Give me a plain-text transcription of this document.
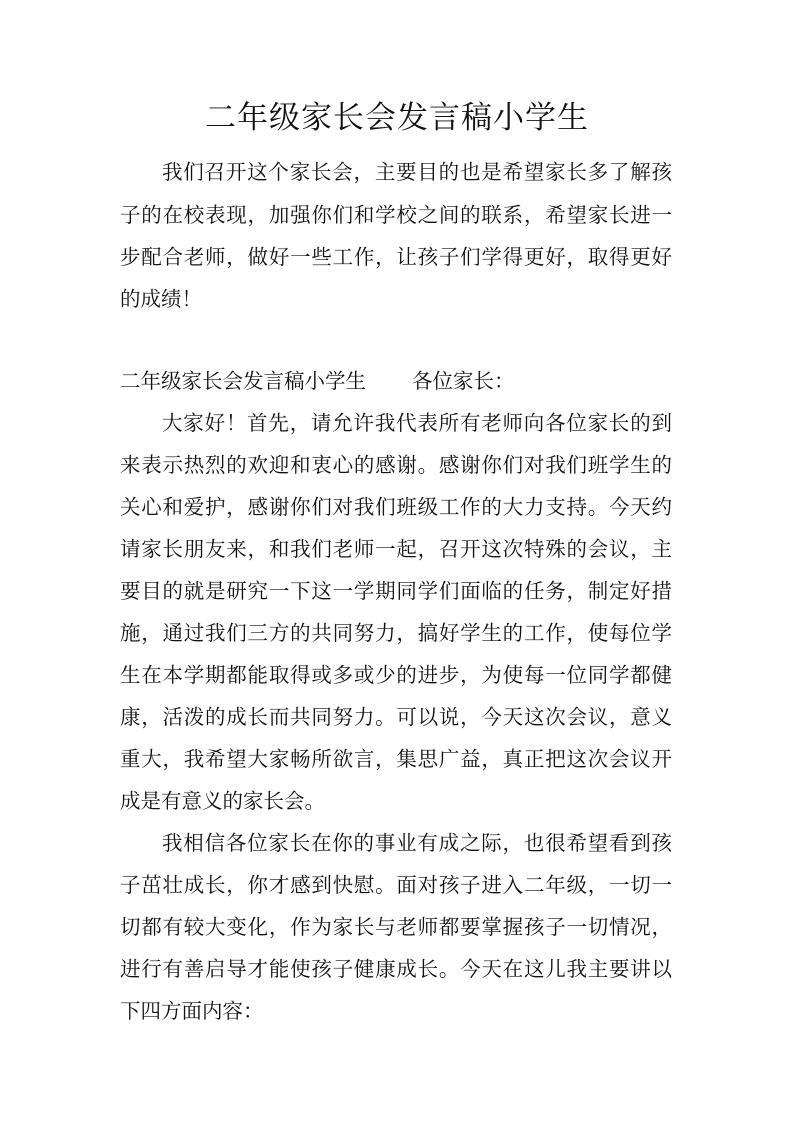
二年级家长会发言稿小学生
我们召开这个家长会，主要目的也是希望家长多了解孩
子的在校表现，加强你们和学校之间的联系，希望家长进一
步配合老师，做好一些工作，让孩子们学得更好，取得更好
的成绩！
二年级家长会发言稿小学生 各位家长：
大家好！首先，请允许我代表所有老师向各位家长的到
来表示热烈的欢迎和衷心的感谢。感谢你们对我们班学生的
关心和爱护，感谢你们对我们班级工作的大力支持。今天约
请家长朋友来，和我们老师一起，召开这次特殊的会议，主
要目的就是研究一下这一学期同学们面临的任务，制定好措
施，通过我们三方的共同努力，搞好学生的工作，使每位学
生在本学期都能取得或多或少的进步，为使每一位同学都健
康，活泼的成长而共同努力。可以说，今天这次会议，意义
重大，我希望大家畅所欲言，集思广益，真正把这次会议开
成是有意义的家长会。
我相信各位家长在你的事业有成之际，也很希望看到孩
子茁壮成长，你才感到快慰。面对孩子进入二年级，一切一
切都有较大变化，作为家长与老师都要掌握孩子一切情况，
进行有善启导才能使孩子健康成长。今天在这儿我主要讲以
下四方面内容：
